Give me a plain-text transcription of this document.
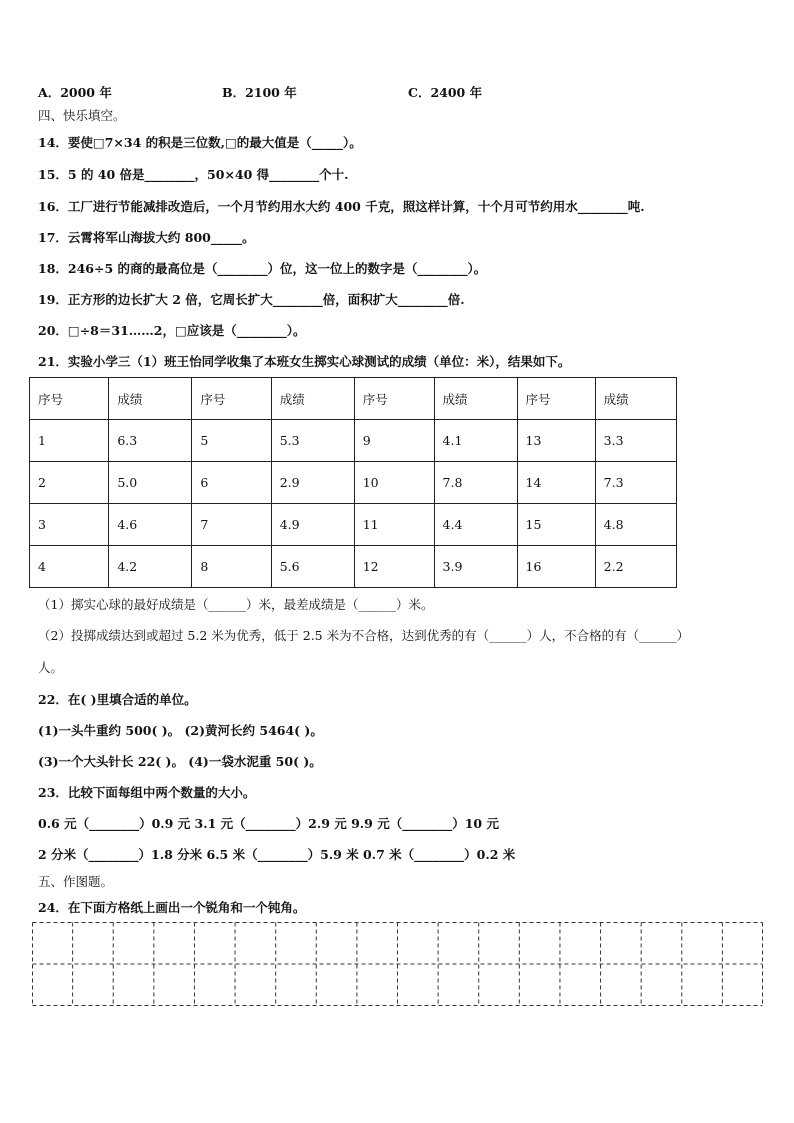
A．2000 年	B．2100 年	C．2400 年
四、快乐填空。
14．要使□7×34 的积是三位数,□的最大值是（_____）。
15．5 的 40 倍是________，50×40 得________个十.
16．工厂进行节能减排改造后，一个月节约用水大约 400 千克，照这样计算，十个月可节约用水________吨.
17．云霄将军山海拔大约 800_____。
18．246÷5 的商的最高位是（________）位，这一位上的数字是（________）。
19．正方形的边长扩大 2 倍，它周长扩大________倍，面积扩大________倍.
20．□÷8＝31……2，□应该是（________）。
21．实验小学三（1）班王怡同学收集了本班女生掷实心球测试的成绩（单位：米），结果如下。
序号	成绩	序号	成绩	序号	成绩	序号	成绩
1	6.3	5	5.3	9	4.1	13	3.3
2	5.0	6	2.9	10	7.8	14	7.3
3	4.6	7	4.9	11	4.4	15	4.8
4	4.2	8	5.6	12	3.9	16	2.2
（1）掷实心球的最好成绩是（______）米，最差成绩是（______）米。
（2）投掷成绩达到或超过 5.2 米为优秀，低于 2.5 米为不合格，达到优秀的有（______）人，不合格的有（______）
人。
22．在( )里填合适的单位。
(1)一头牛重约 500( )。 (2)黄河长约 5464( )。
(3)一个大头针长 22( )。 (4)一袋水泥重 50( )。
23．比较下面每组中两个数量的大小。
0.6 元（________）0.9 元 3.1 元（________）2.9 元 9.9 元（________）10 元
2 分米（________）1.8 分米 6.5 米（________）5.9 米 0.7 米（________）0.2 米
五、作图题。
24．在下面方格纸上画出一个锐角和一个钝角。
